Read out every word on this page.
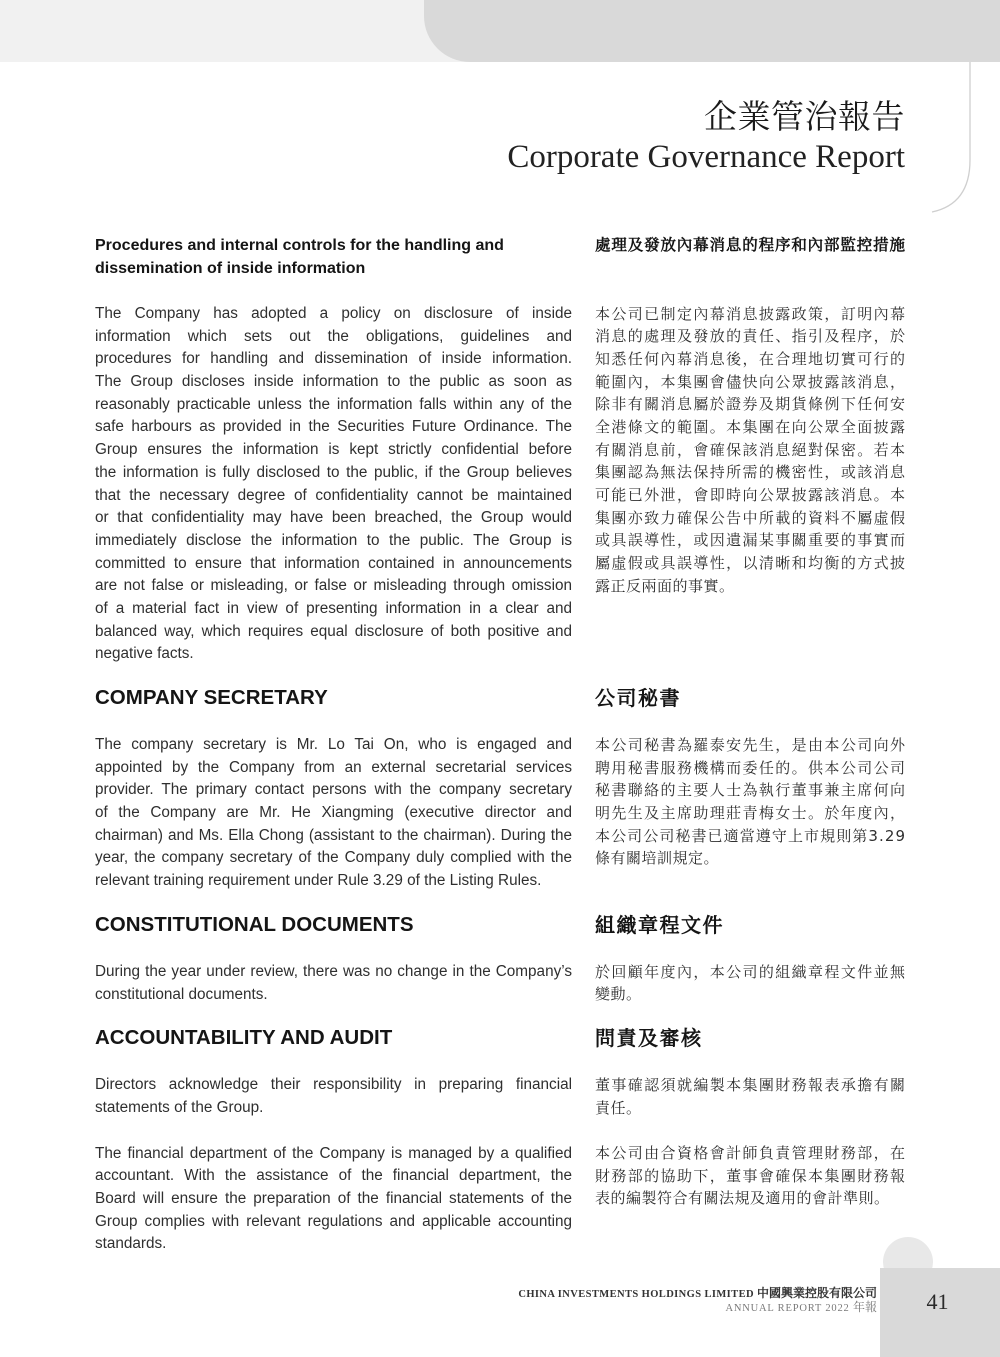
企業管治報告
Corporate Governance Report
Procedures and internal controls for the handling and
dissemination of inside information
處理及發放內幕消息的程序和內部監控措施
The Company has adopted a policy on disclosure of inside
information which sets out the obligations, guidelines and
procedures for handling and dissemination of inside information.
The Group discloses inside information to the public as soon as
reasonably practicable unless the information falls within any of the
safe harbours as provided in the Securities Future Ordinance. The
Group ensures the information is kept strictly confidential before
the information is fully disclosed to the public, if the Group believes
that the necessary degree of confidentiality cannot be maintained
or that confidentiality may have been breached, the Group would
immediately disclose the information to the public. The Group is
committed to ensure that information contained in announcements
are not false or misleading, or false or misleading through omission
of a material fact in view of presenting information in a clear and
balanced way, which requires equal disclosure of both positive and
negative facts.
本公司已制定內幕消息披露政策，訂明內幕
消息的處理及發放的責任、指引及程序，於
知悉任何內幕消息後，在合理地切實可行的
範圍內，本集團會儘快向公眾披露該消息，
除非有關消息屬於證券及期貨條例下任何安
全港條文的範圍。本集團在向公眾全面披露
有關消息前，會確保該消息絕對保密。若本
集團認為無法保持所需的機密性，或該消息
可能已外泄，會即時向公眾披露該消息。本
集團亦致力確保公告中所載的資料不屬虛假
或具誤導性，或因遺漏某事關重要的事實而
屬虛假或具誤導性，以清晰和均衡的方式披
露正反兩面的事實。
COMPANY SECRETARY	公司秘書
The company secretary is Mr. Lo Tai On, who is engaged and
appointed by the Company from an external secretarial services
provider. The primary contact persons with the company secretary
of the Company are Mr. He Xiangming (executive director and
chairman) and Ms. Ella Chong (assistant to the chairman). During the
year, the company secretary of the Company duly complied with the
relevant training requirement under Rule 3.29 of the Listing Rules.
本公司秘書為羅泰安先生，是由本公司向外
聘用秘書服務機構而委任的。供本公司公司
秘書聯絡的主要人士為執行董事兼主席何向
明先生及主席助理莊青梅女士。於年度內，
本公司公司秘書已適當遵守上市規則第3.29
條有關培訓規定。
CONSTITUTIONAL DOCUMENTS	組織章程文件
During the year under review, there was no change in the Company’s
constitutional documents.
於回顧年度內，本公司的組織章程文件並無
變動。
ACCOUNTABILITY AND AUDIT	問責及審核
Directors acknowledge their responsibility in preparing financial
statements of the Group.
董事確認須就編製本集團財務報表承擔有關
責任。
The financial department of the Company is managed by a qualified
accountant. With the assistance of the financial department, the
Board will ensure the preparation of the financial statements of the
Group complies with relevant regulations and applicable accounting
standards.
本公司由合資格會計師負責管理財務部，在
財務部的協助下，董事會確保本集團財務報
表的編製符合有關法規及適用的會計準則。
CHINA INVESTMENTS HOLDINGS LIMITED 中國興業控股有限公司
ANNUAL REPORT 2022 年報	41
